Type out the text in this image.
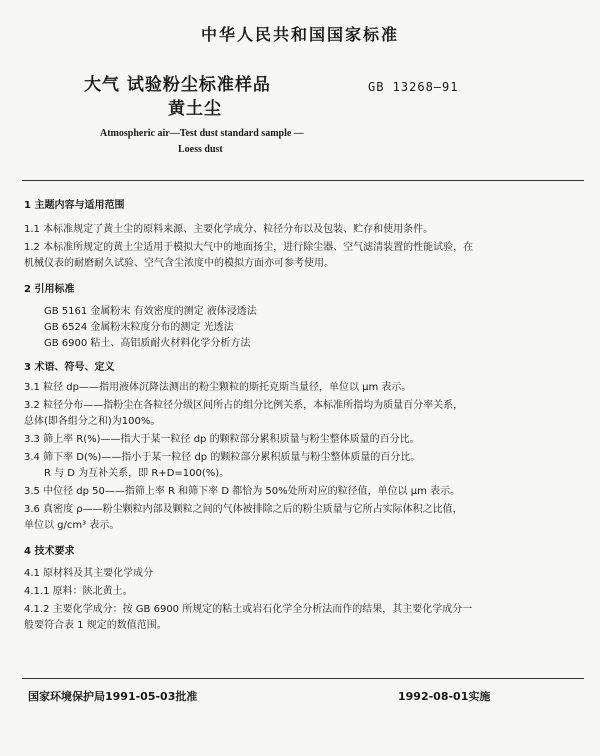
中华人民共和国国家标准
大气 试验粉尘标准样品
黄土尘
GB 13268—91
Atmospheric air—Test dust standard sample —
Loess dust
1 主题内容与适用范围
1.1 本标准规定了黄土尘的原料来源、主要化学成分、粒径分布以及包装、贮存和使用条件。
1.2 本标准所规定的黄土尘适用于模拟大气中的地面扬尘，进行除尘器、空气滤清装置的性能试验，在
机械仪表的耐磨耐久试验、空气含尘浓度中的模拟方面亦可参考使用。
2 引用标准
GB 5161 金属粉末 有效密度的测定 液体浸透法
GB 6524 金属粉末粒度分布的测定 光透法
GB 6900 粘土、高铝质耐火材料化学分析方法
3 术语、符号、定义
3.1 粒径 dp——指用液体沉降法测出的粉尘颗粒的斯托克斯当量径，单位以 μm 表示。
3.2 粒径分布——指粉尘在各粒径分级区间所占的组分比例关系，本标准所指均为质量百分率关系，
总体(即各组分之和)为100%。
3.3 筛上率 R(%)——指大于某一粒径 dp 的颗粒部分累积质量与粉尘整体质量的百分比。
3.4 筛下率 D(%)——指小于某一粒径 dp 的颗粒部分累积质量与粉尘整体质量的百分比。
R 与 D 为互补关系，即 R+D=100(%)。
3.5 中位径 dp 50——指筛上率 R 和筛下率 D 都恰为 50%处所对应的粒径值，单位以 μm 表示。
3.6 真密度 ρ——粉尘颗粒内部及颗粒之间的气体被排除之后的粉尘质量与它所占实际体积之比值，
单位以 g/cm³ 表示。
4 技术要求
4.1 原材料及其主要化学成分
4.1.1 原料：陕北黄土。
4.1.2 主要化学成分：按 GB 6900 所规定的粘土或岩石化学全分析法而作的结果，其主要化学成分一
般要符合表 1 规定的数值范围。
国家环境保护局1991-05-03批准	1992-08-01实施
